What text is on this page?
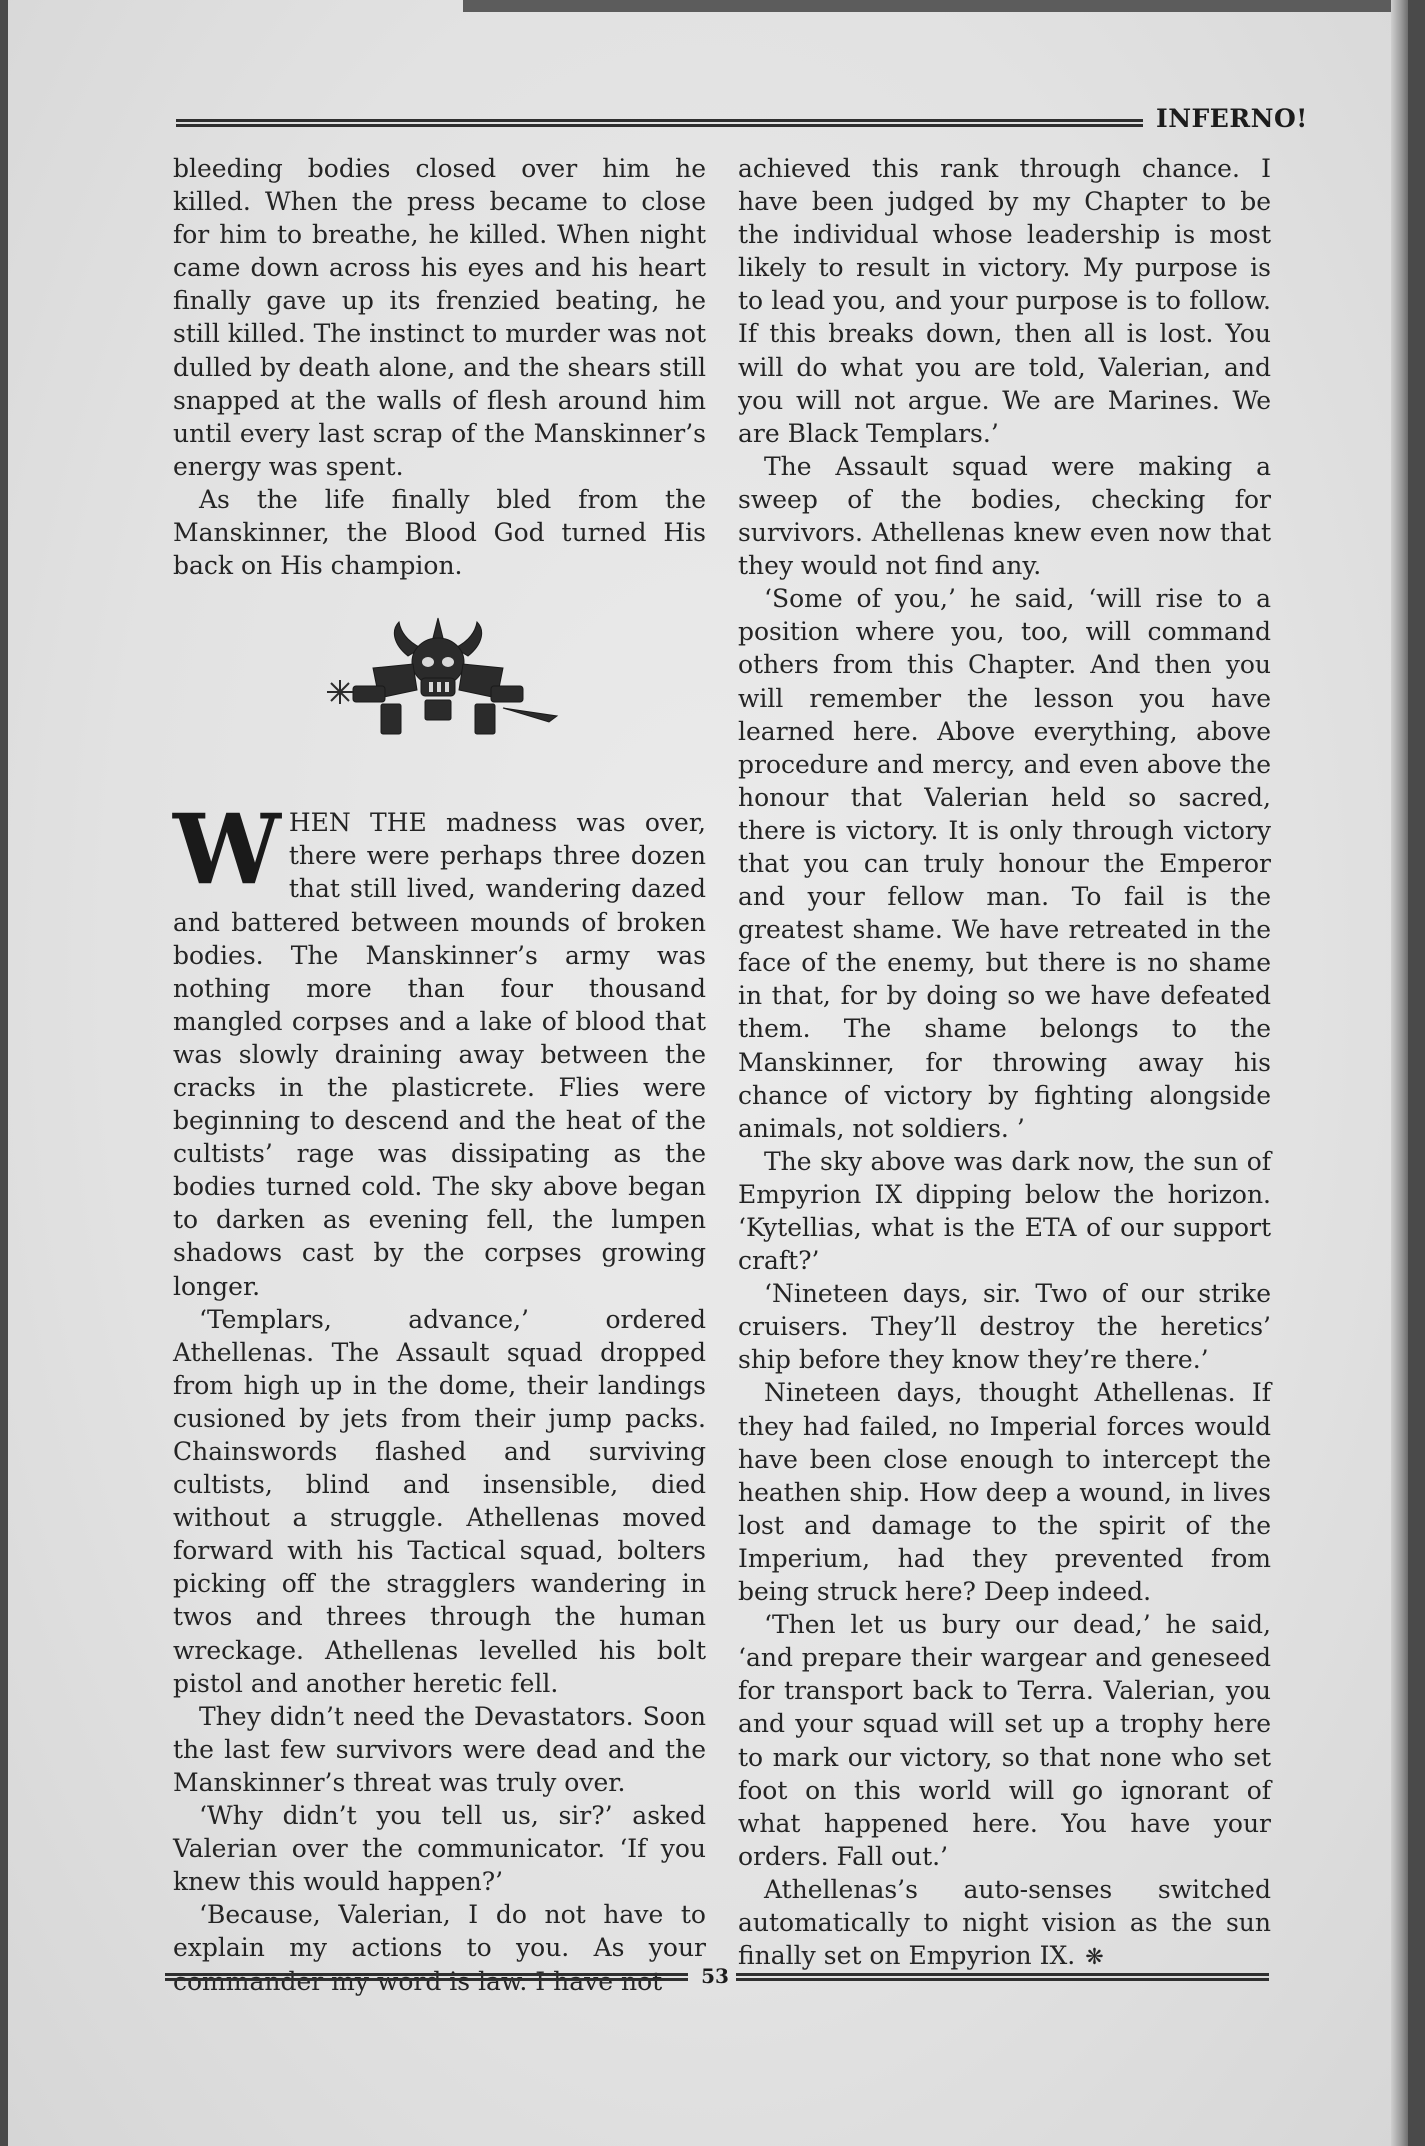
INFERNO!

bleeding bodies closed over him he killed. When the press became to close for him to breathe, he killed. When night came down across his eyes and his heart finally gave up its frenzied beating, he still killed. The instinct to murder was not dulled by death alone, and the shears still snapped at the walls of flesh around him until every last scrap of the Manskinner’s energy was spent.

As the life finally bled from the Manskinner, the Blood God turned His back on His champion.

WHEN THE madness was over, there were perhaps three dozen that still lived, wandering dazed and battered between mounds of broken bodies. The Manskinner’s army was nothing more than four thousand mangled corpses and a lake of blood that was slowly draining away between the cracks in the plasticrete. Flies were beginning to descend and the heat of the cultists’ rage was dissipating as the bodies turned cold. The sky above began to darken as evening fell, the lumpen shadows cast by the corpses growing longer.

‘Templars, advance,’ ordered Athellenas. The Assault squad dropped from high up in the dome, their landings cusioned by jets from their jump packs. Chainswords flashed and surviving cultists, blind and insensible, died without a struggle. Athellenas moved forward with his Tactical squad, bolters picking off the stragglers wandering in twos and threes through the human wreckage. Athellenas levelled his bolt pistol and another heretic fell.

They didn’t need the Devastators. Soon the last few survivors were dead and the Manskinner’s threat was truly over.

‘Why didn’t you tell us, sir?’ asked Valerian over the communicator. ‘If you knew this would happen?’

‘Because, Valerian, I do not have to explain my actions to you. As your commander my word is law. I have not

achieved this rank through chance. I have been judged by my Chapter to be the individual whose leadership is most likely to result in victory. My purpose is to lead you, and your purpose is to follow. If this breaks down, then all is lost. You will do what you are told, Valerian, and you will not argue. We are Marines. We are Black Templars.’

The Assault squad were making a sweep of the bodies, checking for survivors. Athellenas knew even now that they would not find any.

‘Some of you,’ he said, ‘will rise to a position where you, too, will command others from this Chapter. And then you will remember the lesson you have learned here. Above everything, above procedure and mercy, and even above the honour that Valerian held so sacred, there is victory. It is only through victory that you can truly honour the Emperor and your fellow man. To fail is the greatest shame. We have retreated in the face of the enemy, but there is no shame in that, for by doing so we have defeated them. The shame belongs to the Manskinner, for throwing away his chance of victory by fighting alongside animals, not soldiers. ’

The sky above was dark now, the sun of Empyrion IX dipping below the horizon. ‘Kytellias, what is the ETA of our support craft?’

‘Nineteen days, sir. Two of our strike cruisers. They’ll destroy the heretics’ ship before they know they’re there.’

Nineteen days, thought Athellenas. If they had failed, no Imperial forces would have been close enough to intercept the heathen ship. How deep a wound, in lives lost and damage to the spirit of the Imperium, had they prevented from being struck here? Deep indeed.

‘Then let us bury our dead,’ he said, ‘and prepare their wargear and geneseed for transport back to Terra. Valerian, you and your squad will set up a trophy here to mark our victory, so that none who set foot on this world will go ignorant of what happened here. You have your orders. Fall out.’

Athellenas’s auto-senses switched automatically to night vision as the sun finally set on Empyrion IX. ❋

53
